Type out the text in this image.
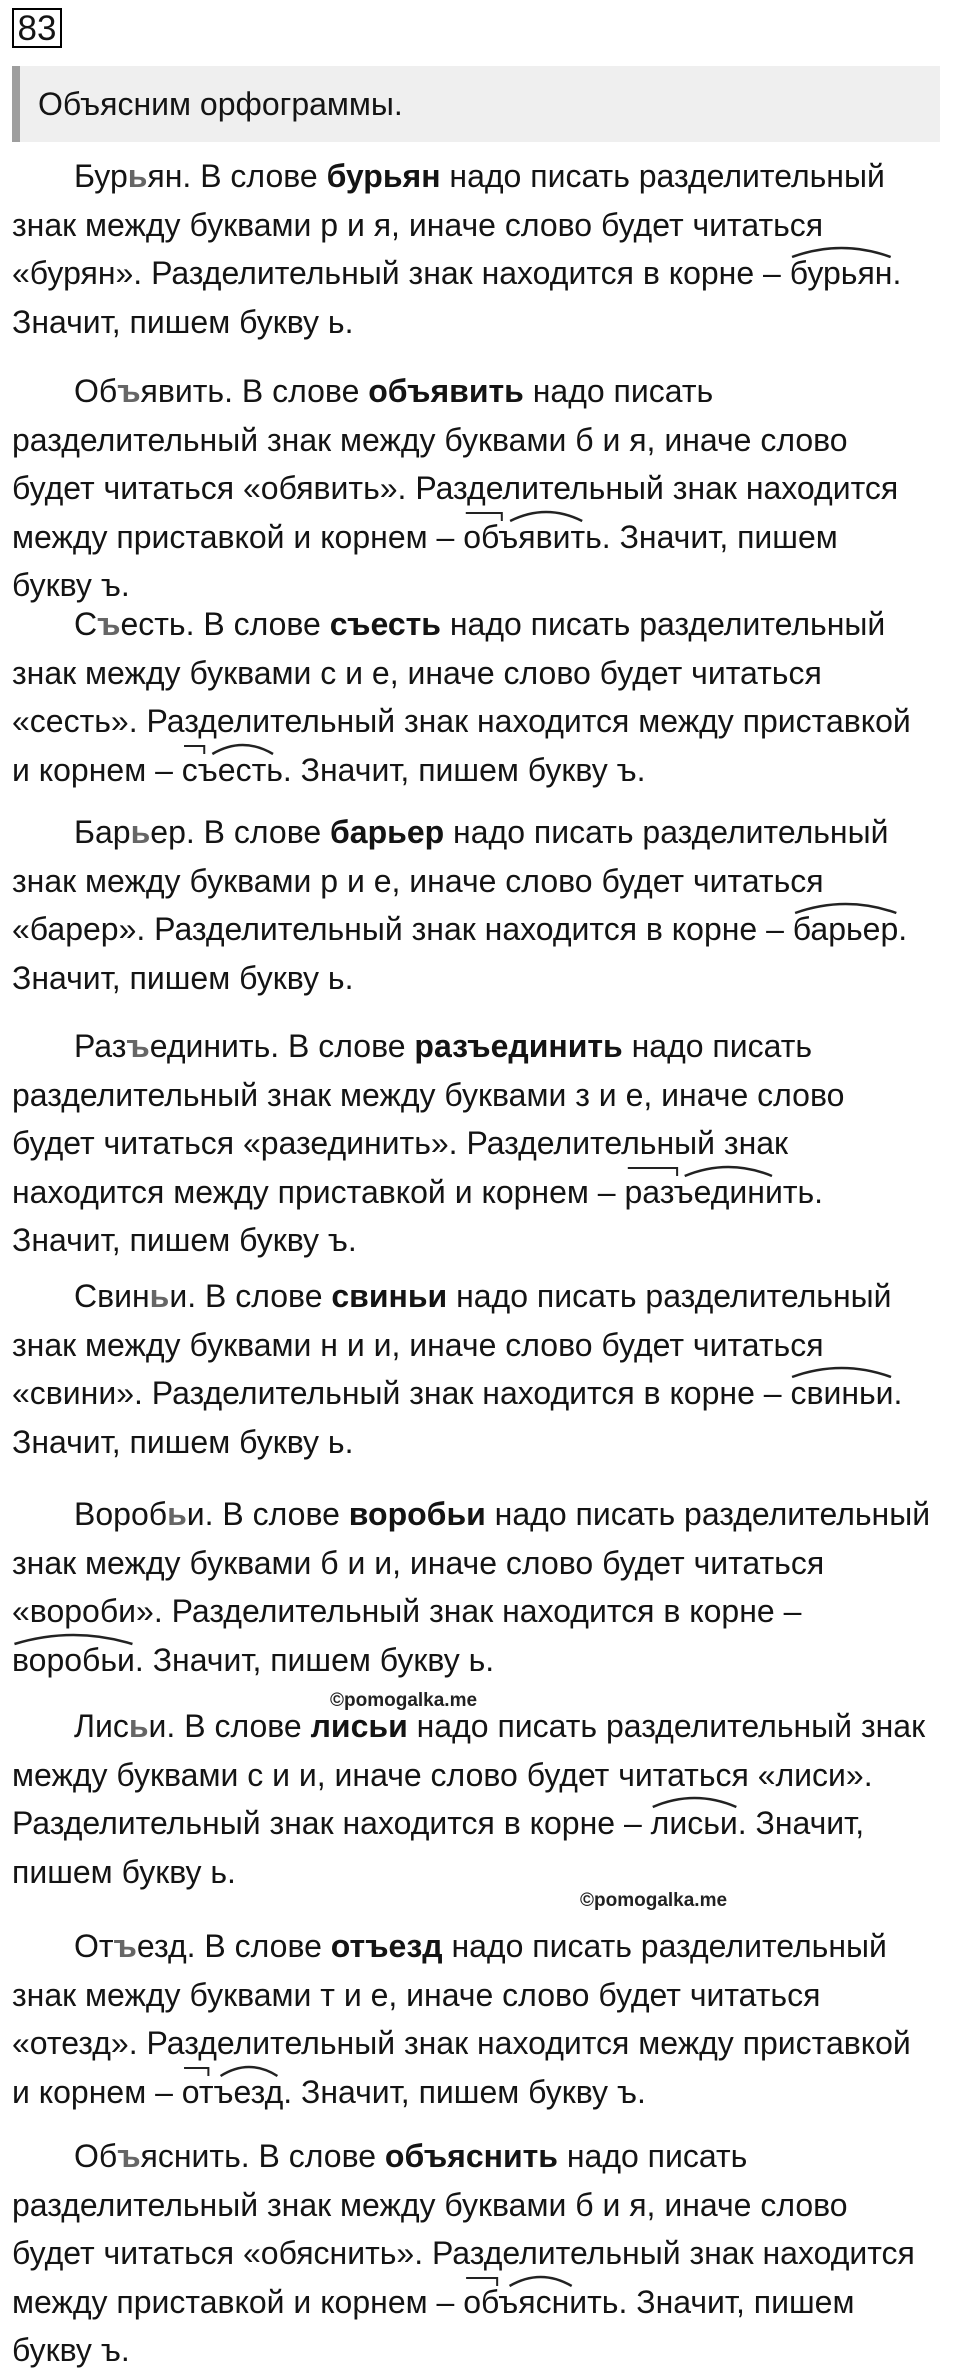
83
Объясним орфограммы.
Бурьян. В слове бурьян надо писать разделительный
знак между буквами р и я, иначе слово будет читаться
«бурян». Разделительный знак находится в корне –
бурьян.
Значит, пишем букву ь.
Объявить. В слове объявить надо писать
разделительный знак между буквами б и я, иначе слово
будет читаться «обявить». Разделительный знак находится
между приставкой и корнем –
объявить. Значит, пишем
букву ъ.
Съесть. В слове съесть надо писать разделительный
знак между буквами с и е, иначе слово будет читаться
«сесть». Разделительный знак находится между приставкой
и корнем –
съесть. Значит, пишем букву ъ.
Барьер. В слове барьер надо писать разделительный
знак между буквами р и е, иначе слово будет читаться
«барер». Разделительный знак находится в корне –
барьер.
Значит, пишем букву ь.
Разъединить. В слове разъединить надо писать
разделительный знак между буквами з и е, иначе слово
будет читаться «разединить». Разделительный знак
находится между приставкой и корнем –
разъединить.
Значит, пишем букву ъ.
Свиньи. В слове свиньи надо писать разделительный
знак между буквами н и и, иначе слово будет читаться
«свини». Разделительный знак находится в корне –
свиньи.
Значит, пишем букву ь.
Воробьи. В слове воробьи надо писать разделительный
знак между буквами б и и, иначе слово будет читаться
«вороби». Разделительный знак находится в корне –
воробьи. Значит, пишем букву ь.
Лисьи. В слове лисьи надо писать разделительный знак
между буквами с и и, иначе слово будет читаться «лиси».
Разделительный знак находится в корне –
лисьи. Значит,
пишем букву ь.
Отъезд. В слове отъезд надо писать разделительный
знак между буквами т и е, иначе слово будет читаться
«отезд». Разделительный знак находится между приставкой
и корнем –
отъезд. Значит, пишем букву ъ.
Объяснить. В слове объяснить надо писать
разделительный знак между буквами б и я, иначе слово
будет читаться «обяснить». Разделительный знак находится
между приставкой и корнем –
объяснить. Значит, пишем
букву ъ.
©pomogalka.me
©pomogalka.me
